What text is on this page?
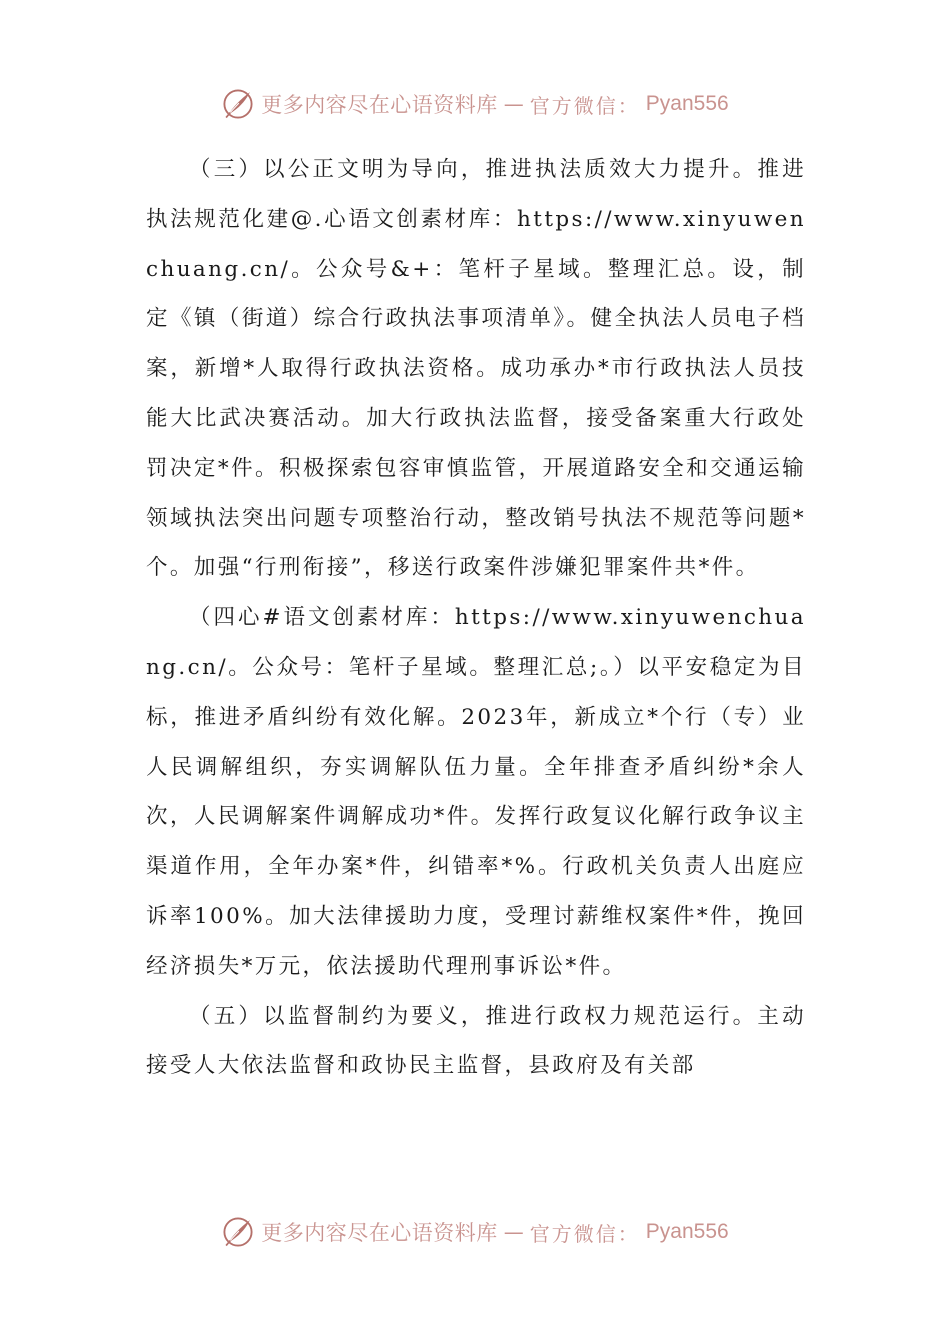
更多内容尽在心语资料库 — 官方微信： Pyan556

（三）以公正文明为导向，推进执法质效大力提升。推进执法规范化建@.心语文创素材库：https://www.xinyuwenchuang.cn/。公众号&+：笔杆子星域。整理汇总。设，制定《镇（街道）综合行政执法事项清单》。健全执法人员电子档案，新增*人取得行政执法资格。成功承办*市行政执法人员技能大比武决赛活动。加大行政执法监督，接受备案重大行政处罚决定*件。积极探索包容审慎监管，开展道路安全和交通运输领域执法突出问题专项整治行动，整改销号执法不规范等问题*个。加强“行刑衔接”，移送行政案件涉嫌犯罪案件共*件。

（四心#语文创素材库：https://www.xinyuwenchuang.cn/。公众号：笔杆子星域。整理汇总;。）以平安稳定为目标，推进矛盾纠纷有效化解。2023年，新成立*个行（专）业人民调解组织，夯实调解队伍力量。全年排查矛盾纠纷*余人次，人民调解案件调解成功*件。发挥行政复议化解行政争议主渠道作用，全年办案*件，纠错率*%。行政机关负责人出庭应诉率100%。加大法律援助力度，受理讨薪维权案件*件，挽回经济损失*万元，依法援助代理刑事诉讼*件。

（五）以监督制约为要义，推进行政权力规范运行。主动接受人大依法监督和政协民主监督，县政府及有关部

更多内容尽在心语资料库 — 官方微信： Pyan556
